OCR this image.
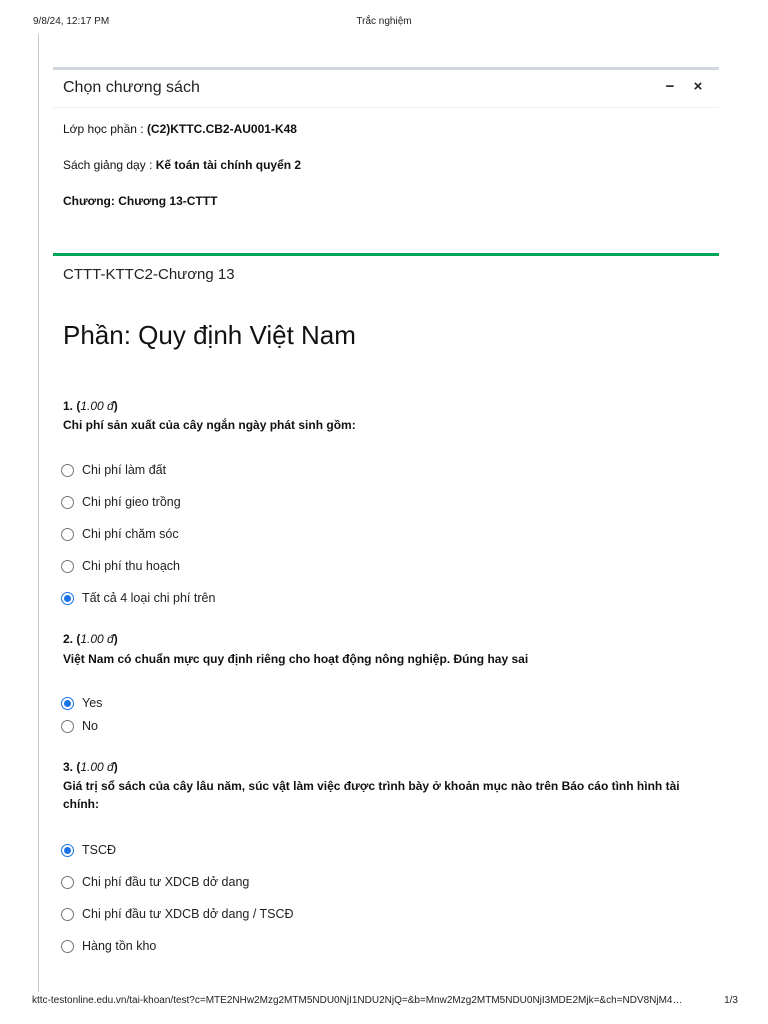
9/8/24, 12:17 PM	Trắc nghiệm
Chọn chương sách	− ×
Lớp học phần : (C2)KTTC.CB2-AU001-K48
Sách giảng dạy : Kế toán tài chính quyển 2
Chương: Chương 13-CTTT
CTTT-KTTC2-Chương 13
Phần: Quy định Việt Nam
1. (1.00 đ)
Chi phí sản xuất của cây ngắn ngày phát sinh gồm:
Chi phí làm đất
Chi phí gieo trồng
Chi phí chăm sóc
Chi phí thu hoạch
Tất cả 4 loại chi phí trên
2. (1.00 đ)
Việt Nam có chuẩn mực quy định riêng cho hoạt động nông nghiệp. Đúng hay sai
Yes
No
3. (1.00 đ)
Giá trị sổ sách của cây lâu năm, súc vật làm việc được trình bày ở khoản mục nào trên Báo cáo tình hình tài chính:
TSCĐ
Chi phí đầu tư XDCB dở dang
Chi phí đầu tư XDCB dở dang / TSCĐ
Hàng tồn kho
kttc-testonline.edu.vn/tai-khoan/test?c=MTE2NHw2Mzg2MTM5NDU0NjI1NDU2NjQ=&b=Mnw2Mzg2MTM5NDU0NjI3MDE2Mjk=&ch=NDV8NjM4…	1/3
